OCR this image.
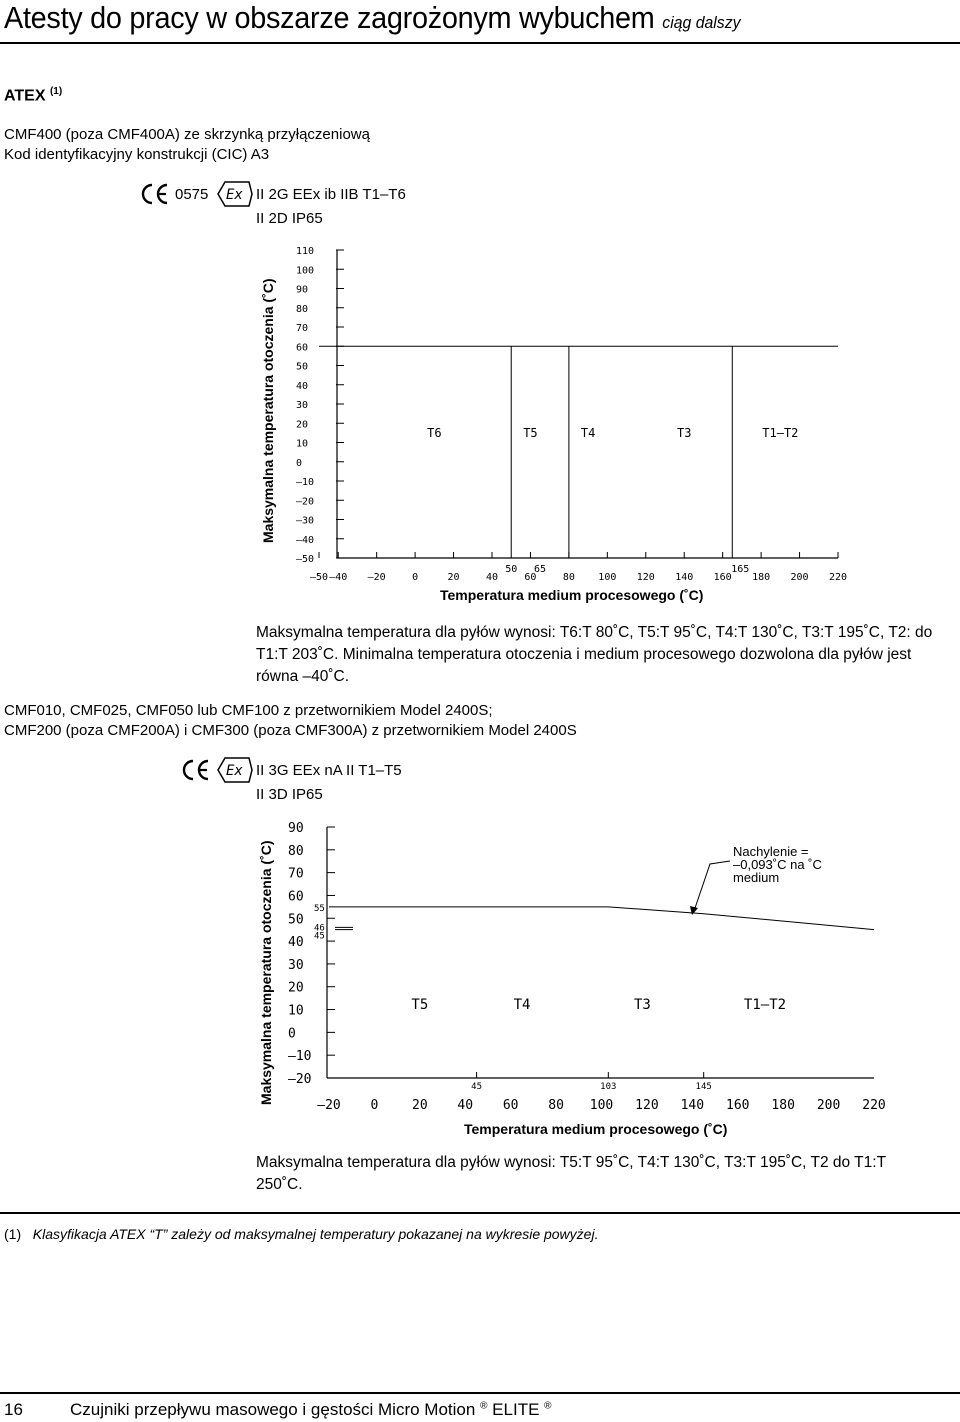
Atesty do pracy w obszarze zagrożonym wybuchem ciąg dalszy
ATEX $^{(1)}$
CMF400 (poza CMF400A) ze skrzynką przyłączeniową
Kod identyfikacyjny konstrukcji (CIC) A3
0575 Ex II 2G EEx ib IIB T1–T6
II 2D IP65
Maksymalna temperatura otoczenia (˚C)
–50
–40
–30
–20
–10
0
10
20
30
40
50
60
70
80
90
100
110
–50 –40 –20	0	20	40	60	80 100 120 140 160 180 200 220
50 65	165
T6	T5	T4	T3	T1–T2
Temperatura medium procesowego (˚C)
Maksymalna temperatura dla pyłów wynosi: T6:T 80˚C, T5:T 95˚C, T4:T 130˚C, T3:T 195˚C, T2: do T1:T 203˚C. Minimalna temperatura otoczenia i medium procesowego dozwolona dla pyłów jest równa –40˚C.
CMF010, CMF025, CMF050 lub CMF100 z przetwornikiem Model 2400S;
CMF200 (poza CMF200A) i CMF300 (poza CMF300A) z przetwornikiem Model 2400S
Ex II 3G EEx nA II T1–T5
II 3D IP65
Maksymalna temperatura otoczenia (˚C) –20
–10
0
10
20
30
40
50
60
70
80
90
55
46
45
–20 0	20 40 60 80 100 120 140 160 180 200 220
45	103	145
T5	T4	T3	T1–T2
Nachylenie =
–0,093˚C na ˚C
medium
Temperatura medium procesowego (˚C)
Maksymalna temperatura dla pyłów wynosi: T5:T 95˚C, T4:T 130˚C, T3:T 195˚C, T2 do T1:T 250˚C.
(1) Klasyfikacja ATEX “T” zależy od maksymalnej temperatury pokazanej na wykresie powyżej.
16	Czujniki przepływu masowego i gęstości Micro Motion ® ELITE ®
